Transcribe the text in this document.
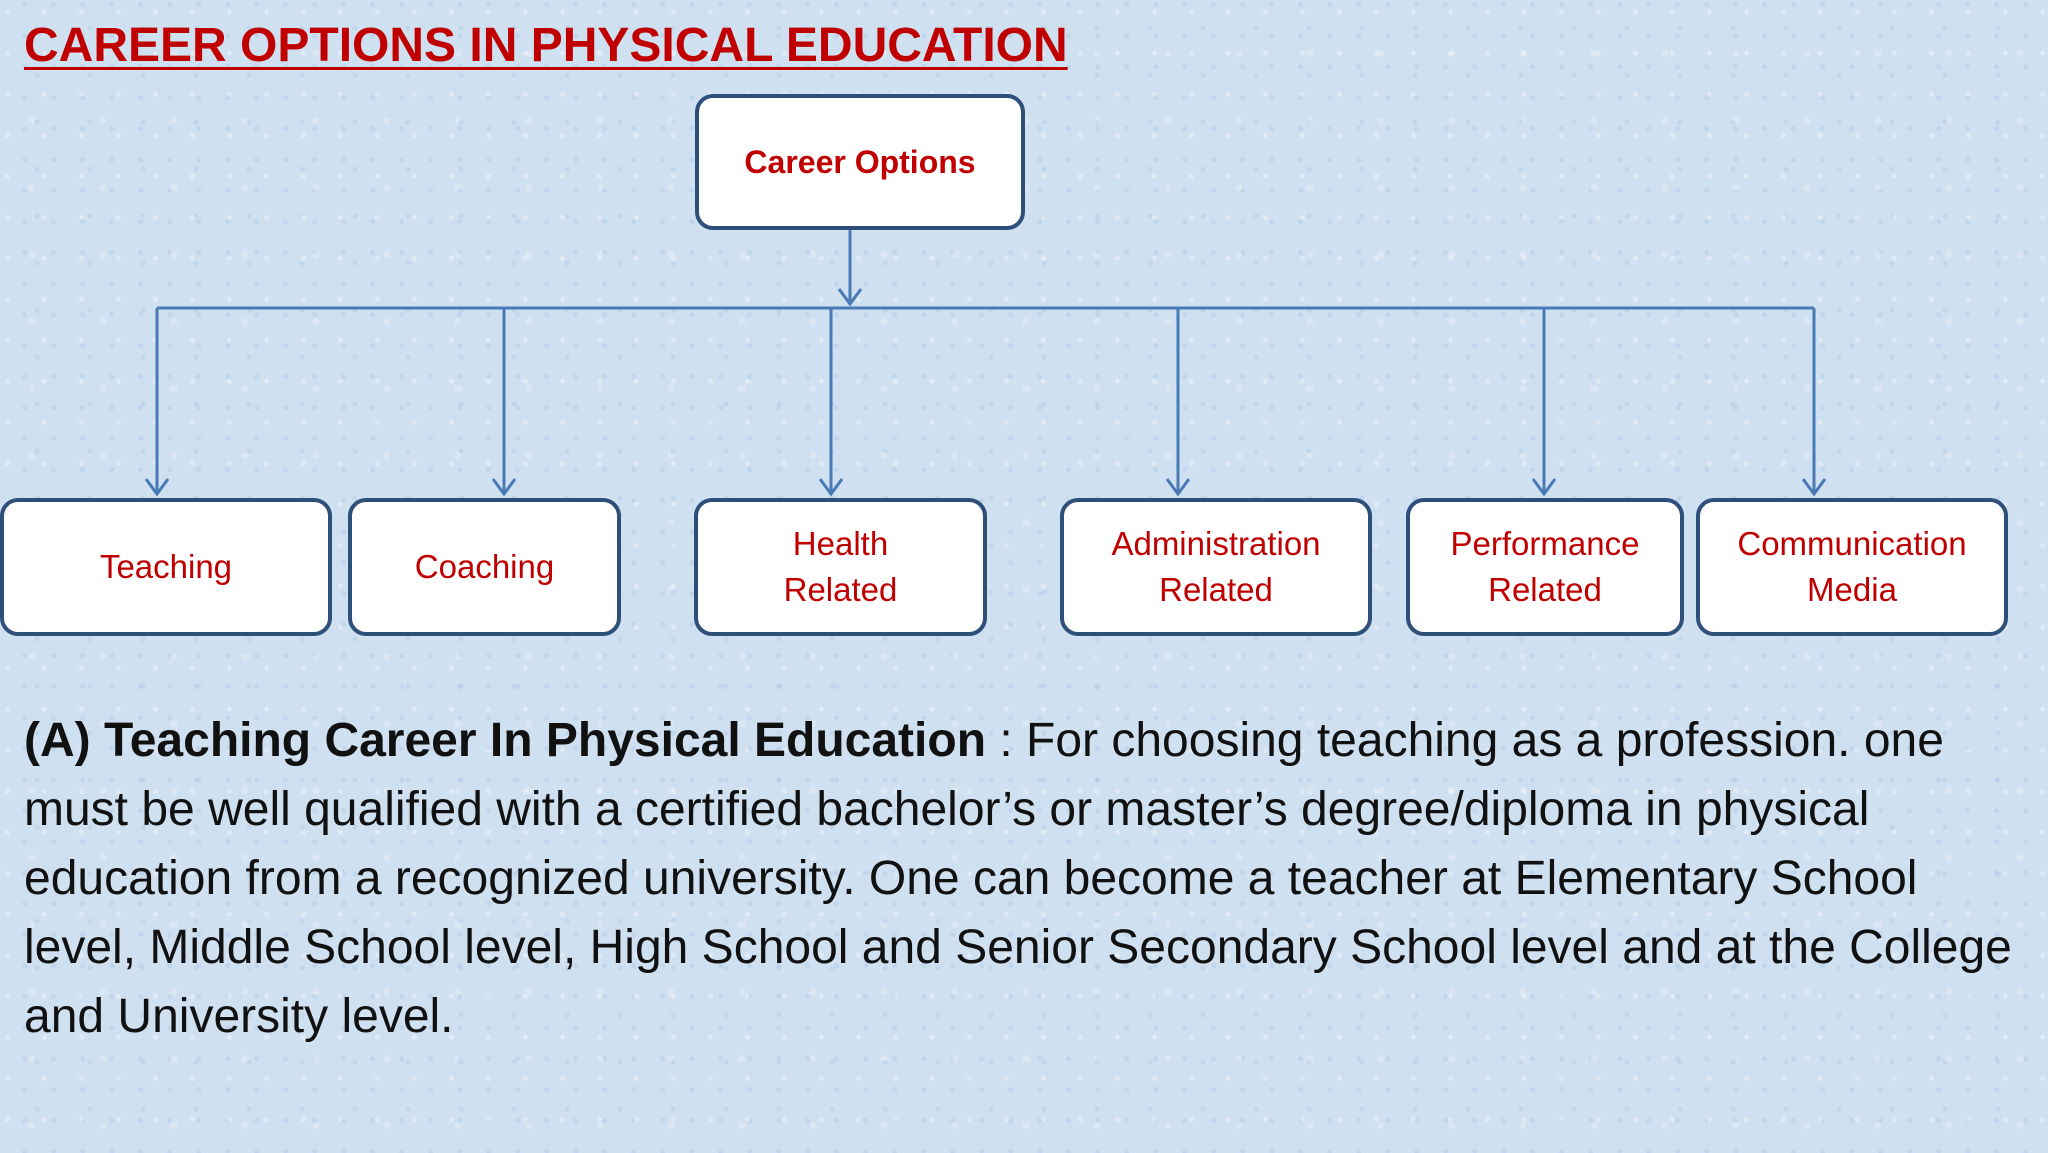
CAREER OPTIONS IN PHYSICAL EDUCATION
Career Options
Teaching	Coaching
Health
Related
Administration
Related
Performance
Related
Communication
Media

(A) Teaching Career In Physical Education : For choosing teaching as a profession. one must be well qualified with a certified bachelor’s or master’s degree/diploma in physical education from a recognized university. One can become a teacher at Elementary School level, Middle School level, High School and Senior Secondary School level and at the College and University level.
